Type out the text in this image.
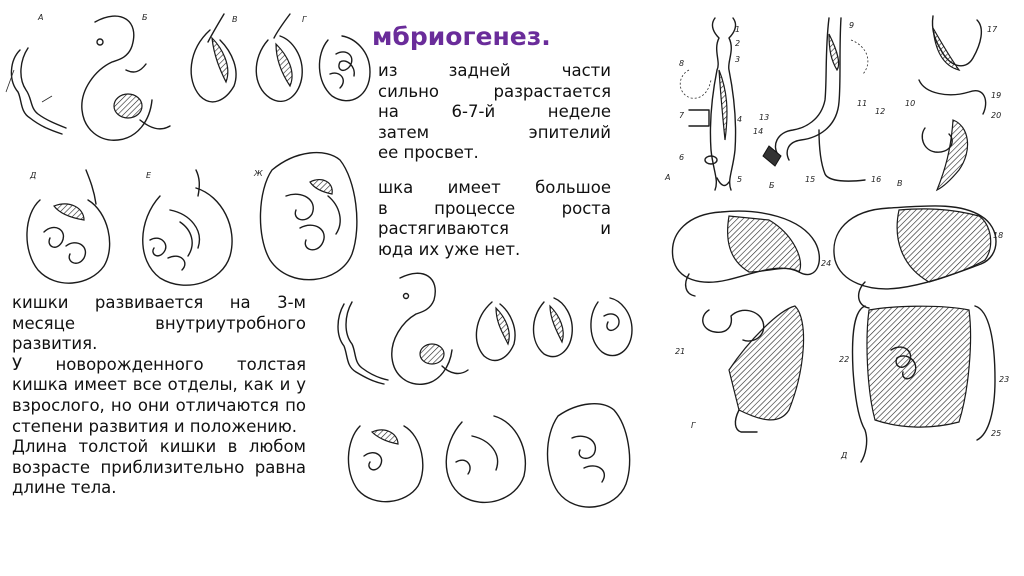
мбриогенез.
из задней части
сильно разрастается
на 6-7-й неделе
затем эпителий
ее просвет.
шка имеет большое
в процессе роста
растягиваются и
юда их уже нет.

кишки развивается на 3-м месяце внутриутробного развития.

У новорожденного толстая кишка имеет все отделы, как и у взрослого, но они отличаются по степени развития и положению.

Длина толстой кишки в любом возрасте приблизительно равна длине тела.

А	Б	В	Г
Д	Е	Ж	А
Б	В
Г
Д
1
2
3
4
5
6
7
8
9
10
11
12
13
14
15	16
17
18
19
20
21
22
23
24
25
